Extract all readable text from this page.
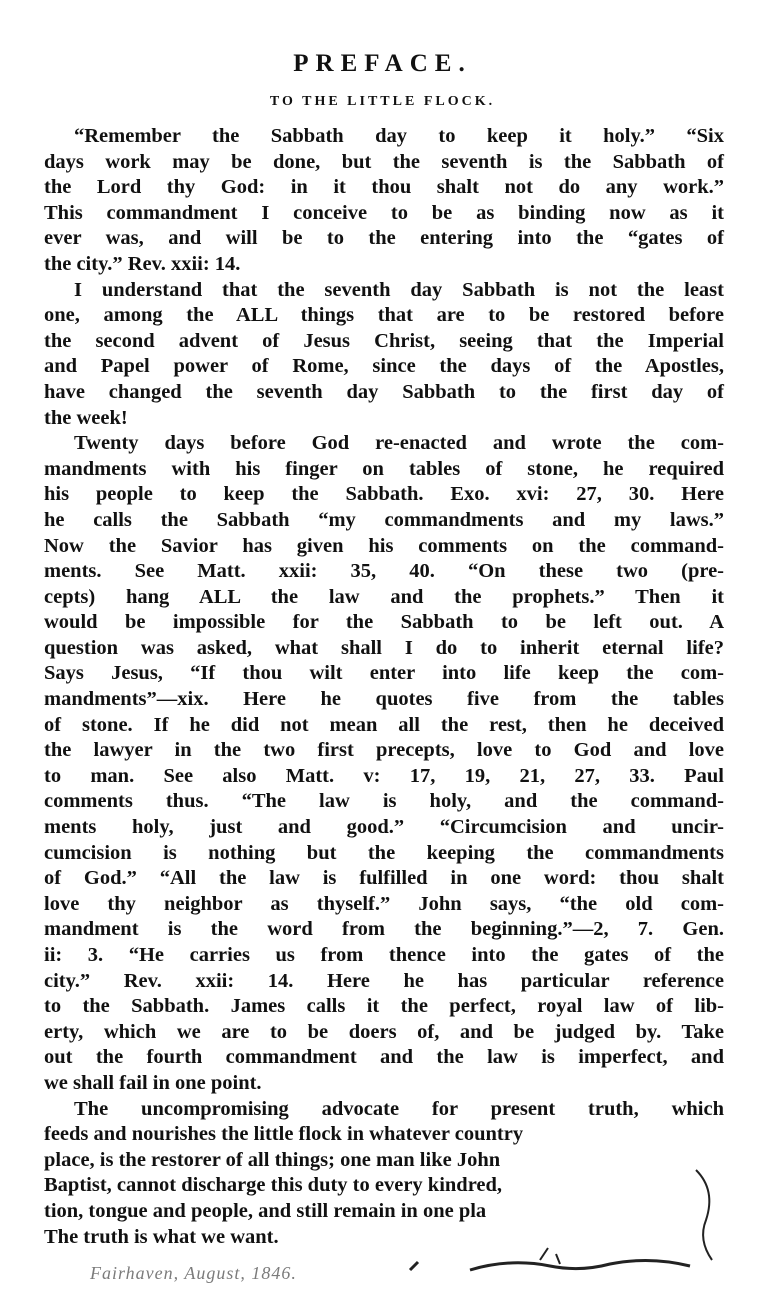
PREFACE.
TO THE LITTLE FLOCK.
“Remember the Sabbath day to keep it holy.” “Six
days work may be done, but the seventh is the Sabbath of
the Lord thy God: in it thou shalt not do any work.”
This commandment I conceive to be as binding now as it
ever was, and will be to the entering into the “gates of
the city.” Rev. xxii: 14.
I understand that the seventh day Sabbath is not the least
one, among the ALL things that are to be restored before
the second advent of Jesus Christ, seeing that the Imperial
and Papel power of Rome, since the days of the Apostles,
have changed the seventh day Sabbath to the first day of
the week!
Twenty days before God re-enacted and wrote the com-
mandments with his finger on tables of stone, he required
his people to keep the Sabbath. Exo. xvi: 27, 30. Here
he calls the Sabbath “my commandments and my laws.”
Now the Savior has given his comments on the command-
ments. See Matt. xxii: 35, 40. “On these two (pre-
cepts) hang ALL the law and the prophets.” Then it
would be impossible for the Sabbath to be left out. A
question was asked, what shall I do to inherit eternal life?
Says Jesus, “If thou wilt enter into life keep the com-
mandments”—xix. Here he quotes five from the tables
of stone. If he did not mean all the rest, then he deceived
the lawyer in the two first precepts, love to God and love
to man. See also Matt. v: 17, 19, 21, 27, 33. Paul
comments thus. “The law is holy, and the command-
ments holy, just and good.” “Circumcision and uncir-
cumcision is nothing but the keeping the commandments
of God.” “All the law is fulfilled in one word: thou shalt
love thy neighbor as thyself.” John says, “the old com-
mandment is the word from the beginning.”—2, 7. Gen.
ii: 3. “He carries us from thence into the gates of the
city.” Rev. xxii: 14. Here he has particular reference
to the Sabbath. James calls it the perfect, royal law of lib-
erty, which we are to be doers of, and be judged by. Take
out the fourth commandment and the law is imperfect, and
we shall fail in one point.
The uncompromising advocate for present truth, which
feeds and nourishes the little flock in whatever country
place, is the restorer of all things; one man like John
Baptist, cannot discharge this duty to every kindred,
tion, tongue and people, and still remain in one pla
The truth is what we want.
Fairhaven, August, 1846.
